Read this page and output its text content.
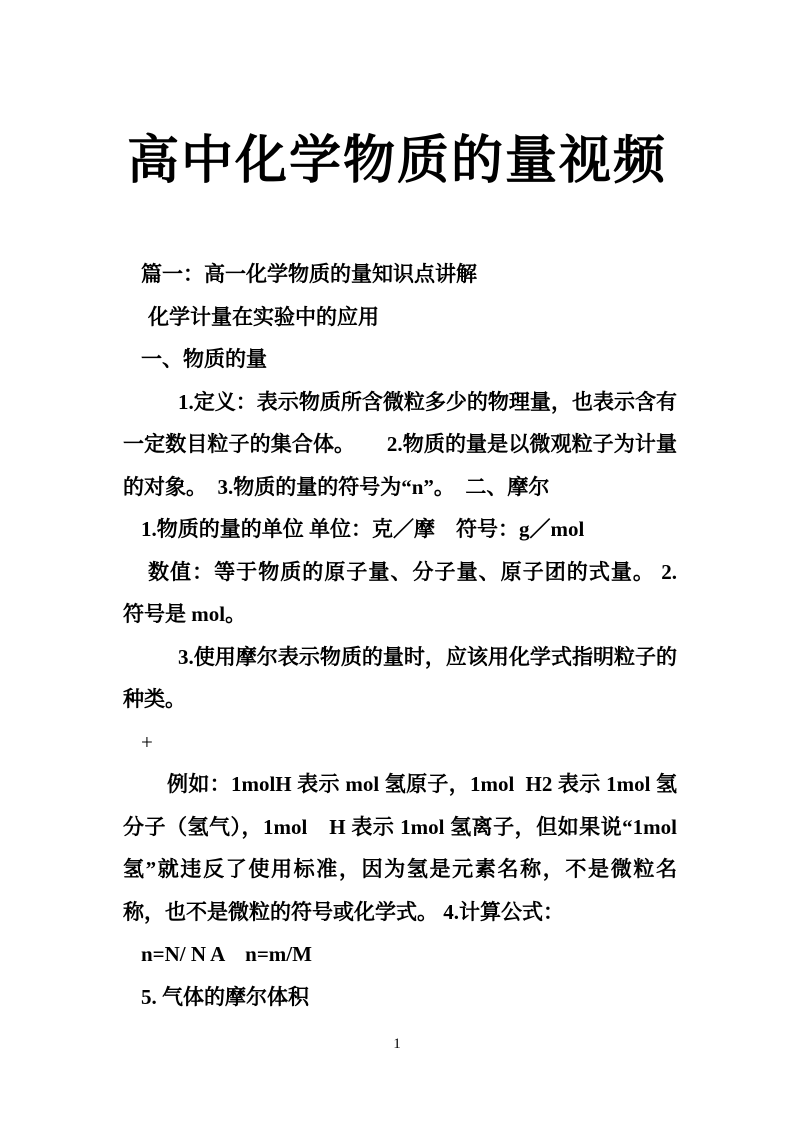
高中化学物质的量视频
篇一：高一化学物质的量知识点讲解
化学计量在实验中的应用
一、物质的量
1.定义：表示物质所含微粒多少的物理量，也表示含有
一定数目粒子的集合体。　　2.物质的量是以微观粒子为计量
的对象。　3.物质的量的符号为“n”。　二、摩尔
1.物质的量的单位 单位：克／摩　符号：g／mol
数值：等于物质的原子量、分子量、原子团的式量。 2.
符号是 mol。
3.使用摩尔表示物质的量时，应该用化学式指明粒子的
种类。
+
例如：1molH 表示 mol 氢原子，1mol  H2 表示 1mol 氢
分子（氢气），1mol　H 表示 1mol 氢离子，但如果说“1mol
氢”就违反了使用标准，因为氢是元素名称，不是微粒名
称，也不是微粒的符号或化学式。 4.计算公式：
n=N/ N A　n=m/M
5. 气体的摩尔体积
1
